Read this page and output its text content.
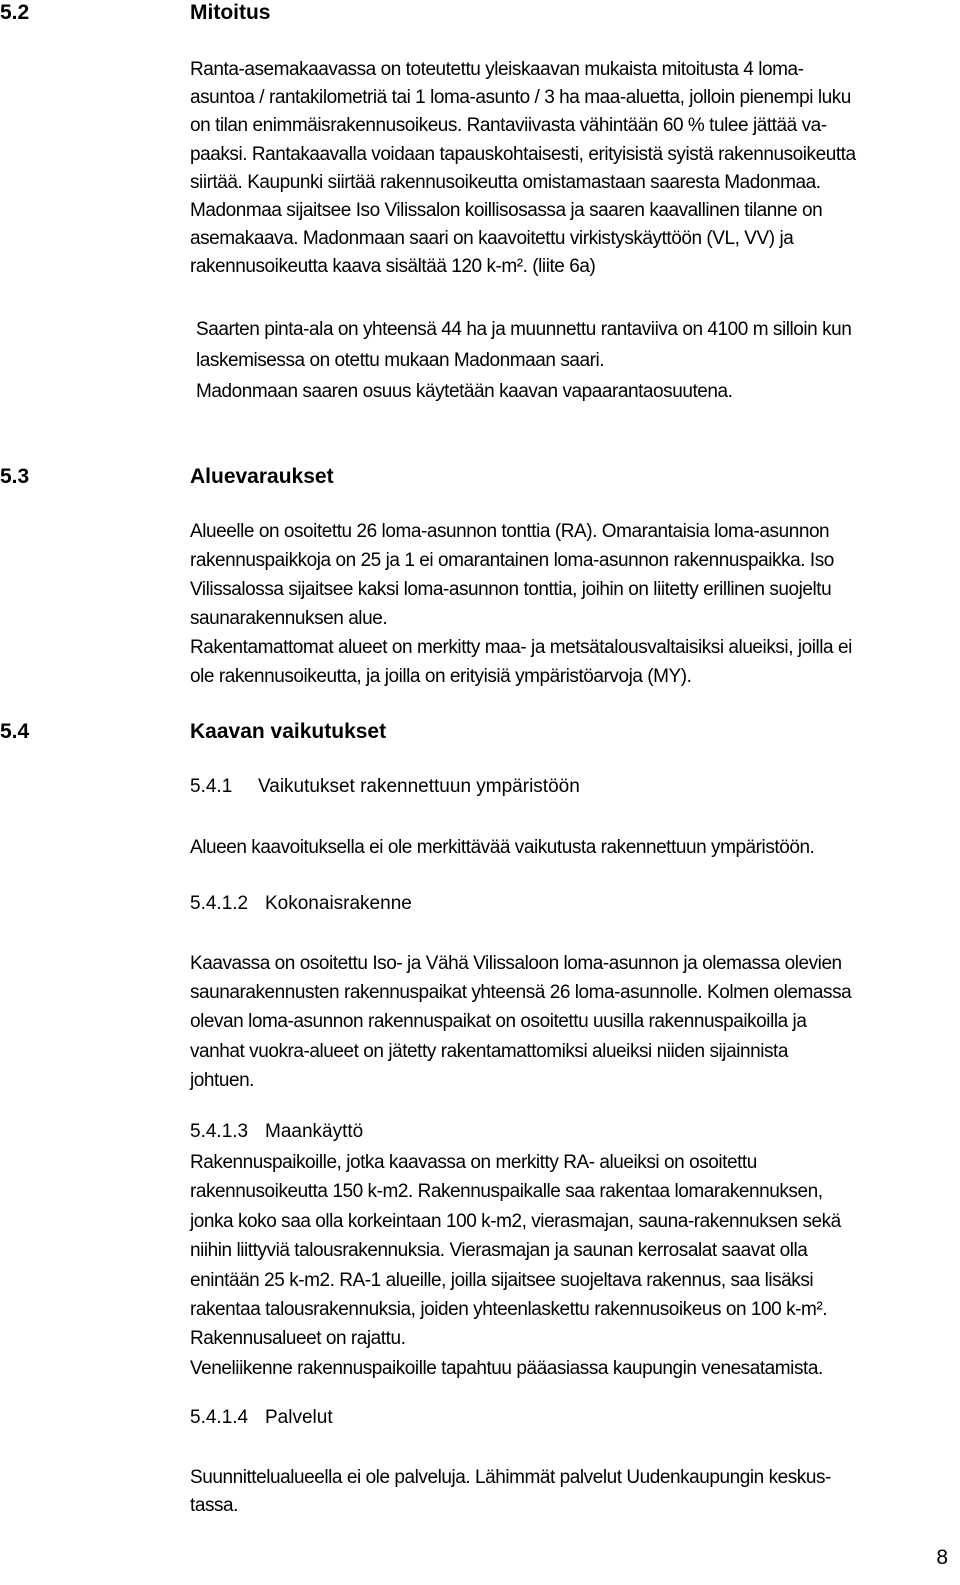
5.2	Mitoitus
Ranta-asemakaavassa on toteutettu yleiskaavan mukaista mitoitusta 4 loma-
asuntoa / rantakilometriä tai 1 loma-asunto / 3 ha maa-aluetta, jolloin pienempi luku
on tilan enimmäisrakennusoikeus. Rantaviivasta vähintään 60 % tulee jättää va-
paaksi. Rantakaavalla voidaan tapauskohtaisesti, erityisistä syistä rakennusoikeutta
siirtää. Kaupunki siirtää rakennusoikeutta omistamastaan saaresta Madonmaa.
Madonmaa sijaitsee Iso Vilissalon koillisosassa ja saaren kaavallinen tilanne on
asemakaava. Madonmaan saari on kaavoitettu virkistyskäyttöön (VL, VV) ja
rakennusoikeutta kaava sisältää 120 k-m². (liite 6a)
Saarten pinta-ala on yhteensä 44 ha ja muunnettu rantaviiva on 4100 m silloin kun
laskemisessa on otettu mukaan Madonmaan saari.
Madonmaan saaren osuus käytetään kaavan vapaarantaosuutena.
5.3	Aluevaraukset
Alueelle on osoitettu 26 loma-asunnon tonttia (RA). Omarantaisia loma-asunnon
rakennuspaikkoja on 25 ja 1 ei omarantainen loma-asunnon rakennuspaikka. Iso
Vilissalossa sijaitsee kaksi loma-asunnon tonttia, joihin on liitetty erillinen suojeltu
saunarakennuksen alue.
Rakentamattomat alueet on merkitty maa- ja metsätalousvaltaisiksi alueiksi, joilla ei
ole rakennusoikeutta, ja joilla on erityisiä ympäristöarvoja (MY).
5.4	Kaavan vaikutukset
5.4.1 Vaikutukset rakennettuun ympäristöön
Alueen kaavoituksella ei ole merkittävää vaikutusta rakennettuun ympäristöön.
5.4.1.2 Kokonaisrakenne
Kaavassa on osoitettu Iso- ja Vähä Vilissaloon loma-asunnon ja olemassa olevien
saunarakennusten rakennuspaikat yhteensä 26 loma-asunnolle. Kolmen olemassa
olevan loma-asunnon rakennuspaikat on osoitettu uusilla rakennuspaikoilla ja
vanhat vuokra-alueet on jätetty rakentamattomiksi alueiksi niiden sijainnista
johtuen.
5.4.1.3 Maankäyttö
Rakennuspaikoille, jotka kaavassa on merkitty RA- alueiksi on osoitettu
rakennusoikeutta 150 k-m2. Rakennuspaikalle saa rakentaa lomarakennuksen,
jonka koko saa olla korkeintaan 100 k-m2, vierasmajan, sauna-rakennuksen sekä
niihin liittyviä talousrakennuksia. Vierasmajan ja saunan kerrosalat saavat olla
enintään 25 k-m2. RA-1 alueille, joilla sijaitsee suojeltava rakennus, saa lisäksi
rakentaa talousrakennuksia, joiden yhteenlaskettu rakennusoikeus on 100 k-m².
Rakennusalueet on rajattu.
Veneliikenne rakennuspaikoille tapahtuu pääasiassa kaupungin venesatamista.
5.4.1.4 Palvelut
Suunnittelualueella ei ole palveluja. Lähimmät palvelut Uudenkaupungin keskus-
tassa.
8
